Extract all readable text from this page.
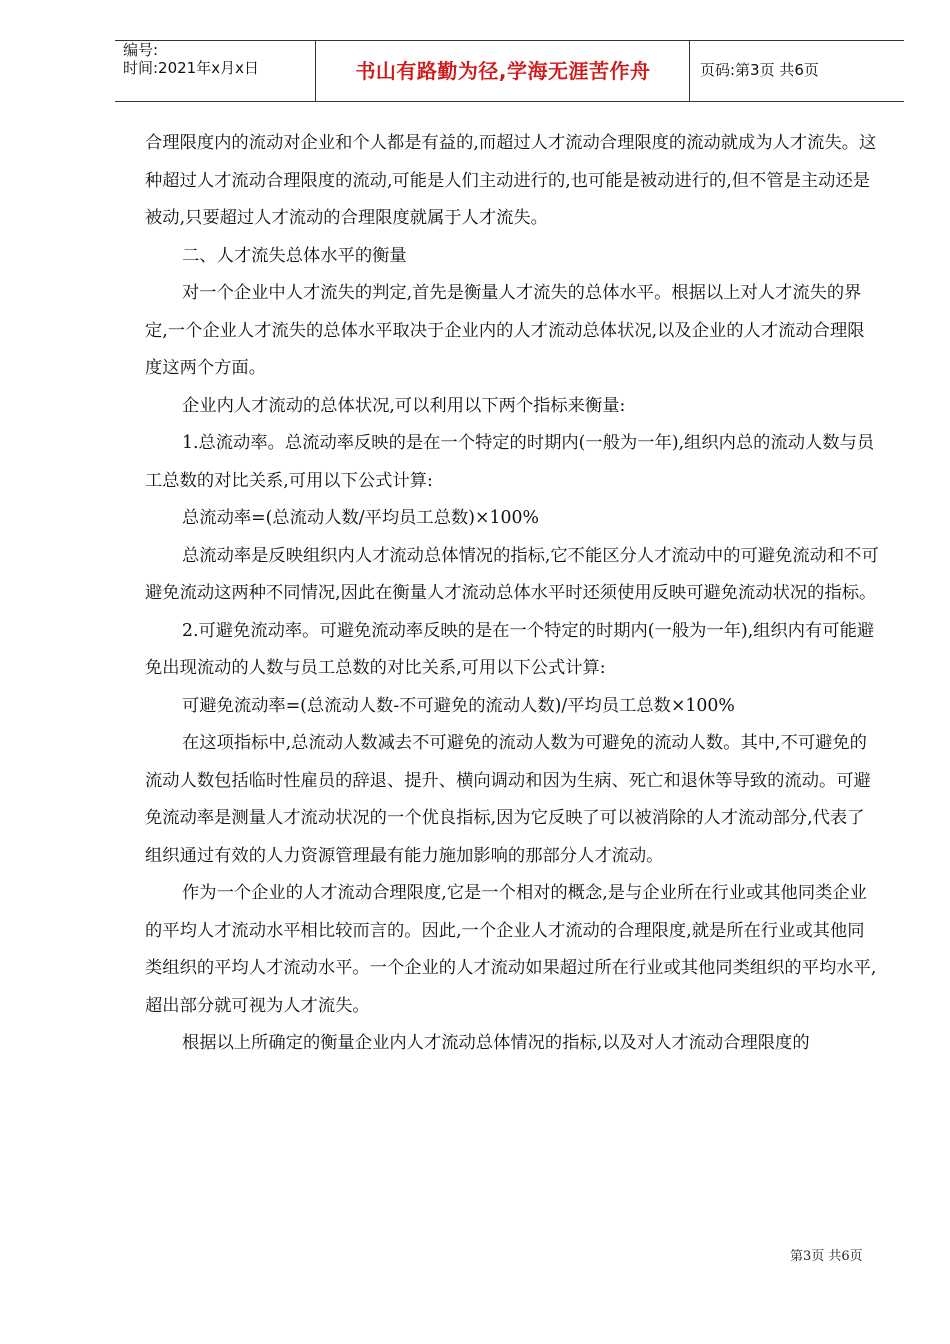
编号:
时间:2021年x月x日	书山有路勤为径,学海无涯苦作舟	页码:第3页 共6页

合理限度内的流动对企业和个人都是有益的,而超过人才流动合理限度的流动就成为人才流失。这种超过人才流动合理限度的流动,可能是人们主动进行的,也可能是被动进行的,但不管是主动还是被动,只要超过人才流动的合理限度就属于人才流失。

二、人才流失总体水平的衡量

对一个企业中人才流失的判定,首先是衡量人才流失的总体水平。根据以上对人才流失的界定,一个企业人才流失的总体水平取决于企业内的人才流动总体状况,以及企业的人才流动合理限度这两个方面。

企业内人才流动的总体状况,可以利用以下两个指标来衡量:

1.总流动率。总流动率反映的是在一个特定的时期内(一般为一年),组织内总的流动人数与员工总数的对比关系,可用以下公式计算:

总流动率=(总流动人数/平均员工总数)×100%

总流动率是反映组织内人才流动总体情况的指标,它不能区分人才流动中的可避免流动和不可避免流动这两种不同情况,因此在衡量人才流动总体水平时还须使用反映可避免流动状况的指标。

2.可避免流动率。可避免流动率反映的是在一个特定的时期内(一般为一年),组织内有可能避免出现流动的人数与员工总数的对比关系,可用以下公式计算:

可避免流动率=(总流动人数-不可避免的流动人数)/平均员工总数×100%

在这项指标中,总流动人数减去不可避免的流动人数为可避免的流动人数。其中,不可避免的流动人数包括临时性雇员的辞退、提升、横向调动和因为生病、死亡和退休等导致的流动。可避免流动率是测量人才流动状况的一个优良指标,因为它反映了可以被消除的人才流动部分,代表了组织通过有效的人力资源管理最有能力施加影响的那部分人才流动。

作为一个企业的人才流动合理限度,它是一个相对的概念,是与企业所在行业或其他同类企业的平均人才流动水平相比较而言的。因此,一个企业人才流动的合理限度,就是所在行业或其他同类组织的平均人才流动水平。一个企业的人才流动如果超过所在行业或其他同类组织的平均水平,超出部分就可视为人才流失。

根据以上所确定的衡量企业内人才流动总体情况的指标,以及对人才流动合理限度的

第3页 共6页
